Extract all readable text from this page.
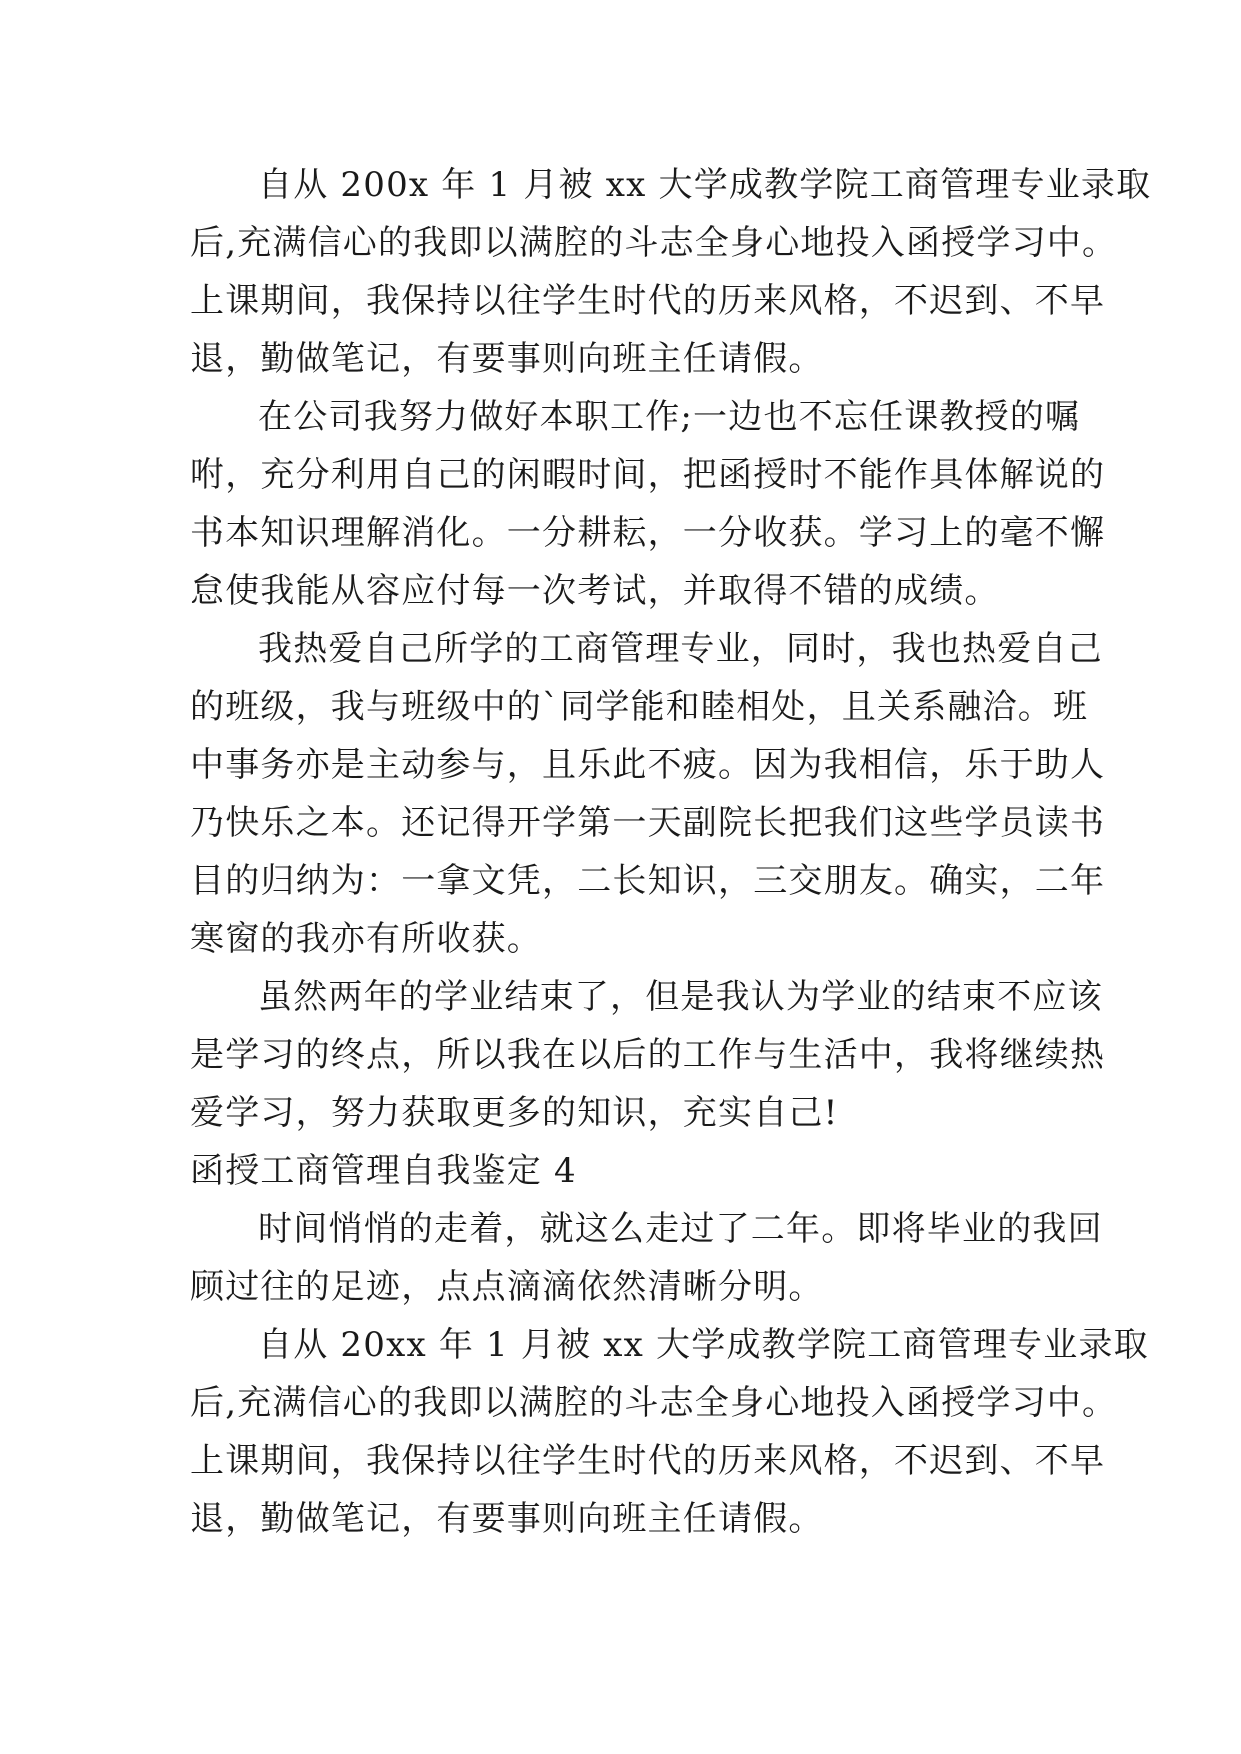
自从 200x 年 1 月被 xx 大学成教学院工商管理专业录取

后,充满信心的我即以满腔的斗志全身心地投入函授学习中。

上课期间，我保持以往学生时代的历来风格，不迟到、不早

退，勤做笔记，有要事则向班主任请假。

在公司我努力做好本职工作;一边也不忘任课教授的嘱

咐，充分利用自己的闲暇时间，把函授时不能作具体解说的

书本知识理解消化。一分耕耘，一分收获。学习上的毫不懈

怠使我能从容应付每一次考试，并取得不错的成绩。

我热爱自己所学的工商管理专业，同时，我也热爱自己

的班级，我与班级中的`同学能和睦相处，且关系融洽。班

中事务亦是主动参与，且乐此不疲。因为我相信，乐于助人

乃快乐之本。还记得开学第一天副院长把我们这些学员读书

目的归纳为：一拿文凭，二长知识，三交朋友。确实，二年

寒窗的我亦有所收获。

虽然两年的学业结束了，但是我认为学业的结束不应该

是学习的终点，所以我在以后的工作与生活中，我将继续热

爱学习，努力获取更多的知识，充实自己!

函授工商管理自我鉴定 4

时间悄悄的走着，就这么走过了二年。即将毕业的我回

顾过往的足迹，点点滴滴依然清晰分明。

自从 20xx 年 1 月被 xx 大学成教学院工商管理专业录取

后,充满信心的我即以满腔的斗志全身心地投入函授学习中。

上课期间，我保持以往学生时代的历来风格，不迟到、不早

退，勤做笔记，有要事则向班主任请假。
